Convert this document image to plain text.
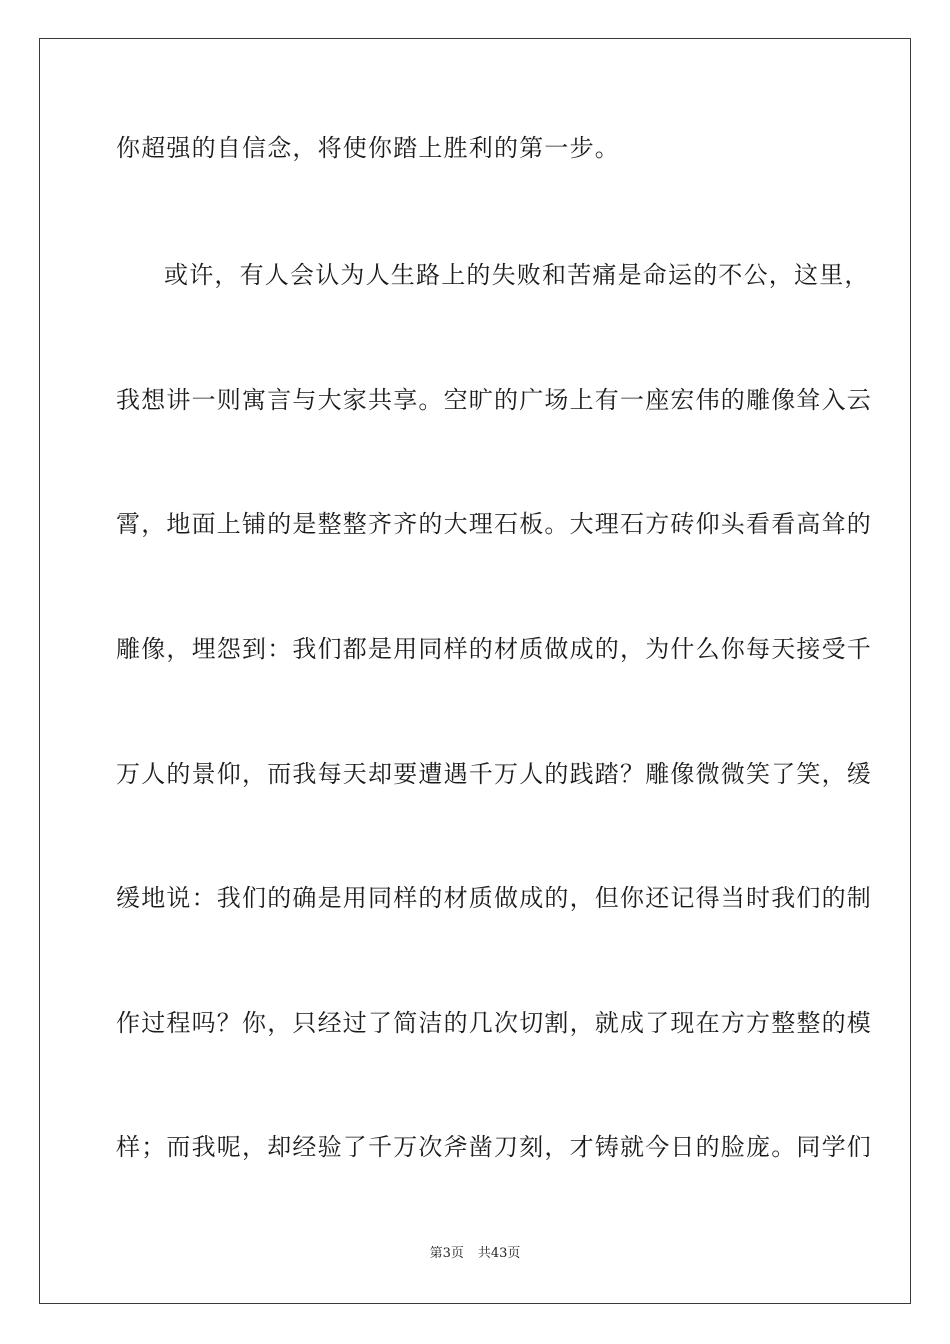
你超强的自信念，将使你踏上胜利的第一步。
或许，有人会认为人生路上的失败和苦痛是命运的不公，这里，
我想讲一则寓言与大家共享。空旷的广场上有一座宏伟的雕像耸入云
霄，地面上铺的是整整齐齐的大理石板。大理石方砖仰头看看高耸的
雕像，埋怨到：我们都是用同样的材质做成的，为什么你每天接受千
万人的景仰，而我每天却要遭遇千万人的践踏？雕像微微笑了笑，缓
缓地说：我们的确是用同样的材质做成的，但你还记得当时我们的制
作过程吗？你，只经过了简洁的几次切割，就成了现在方方整整的模
样；而我呢，却经验了千万次斧凿刀刻，才铸就今日的脸庞。同学们
第3页 共43页
